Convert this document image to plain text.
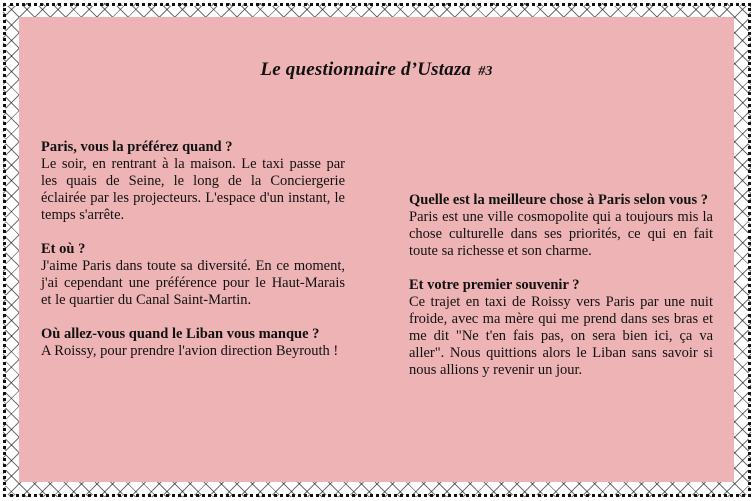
Le questionnaire d’Ustaza #3

Paris, vous la préférez quand ?

Le soir, en rentrant à la maison. Le taxi passe par les quais de Seine, le long de la Conciergerie éclairée par les projecteurs. L'espace d'un instant, le temps s'arrête.

Et où ?

J'aime Paris dans toute sa diversité. En ce moment, j'ai cependant une préférence pour le Haut-Marais et le quartier du Canal Saint-Martin.

Où allez-vous quand le Liban vous manque ?

A Roissy, pour prendre l'avion direction Beyrouth !

Quelle est la meilleure chose à Paris selon vous ?

Paris est une ville cosmopolite qui a toujours mis la chose culturelle dans ses priorités, ce qui en fait toute sa richesse et son charme.

Et votre premier souvenir ?

Ce trajet en taxi de Roissy vers Paris par une nuit froide, avec ma mère qui me prend dans ses bras et me dit "Ne t'en fais pas, on sera bien ici, ça va aller". Nous quittions alors le Liban sans savoir si nous allions y revenir un jour.
